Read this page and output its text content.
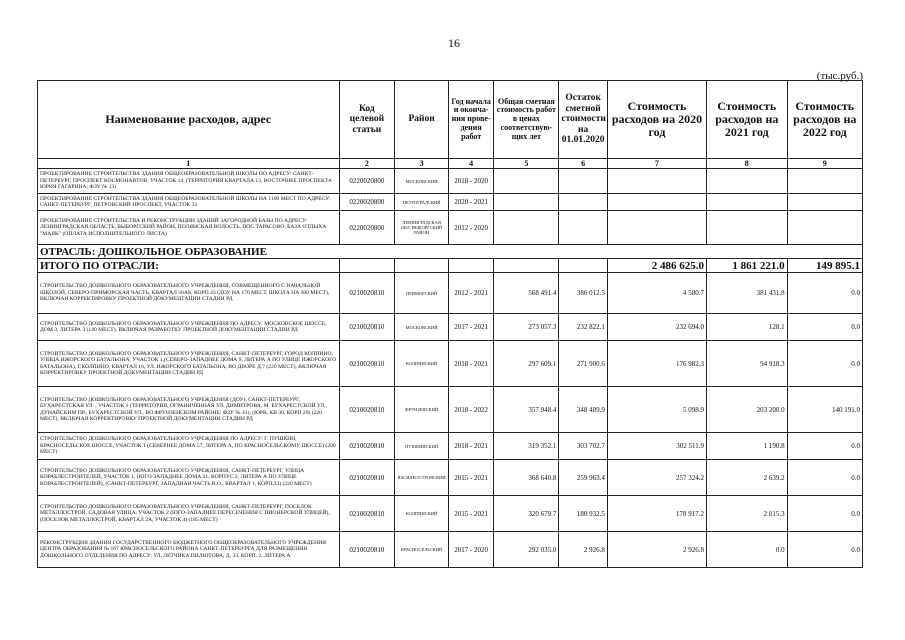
16
(тыс.руб.)
Наименование расходов, адрес	Код целевой статьи	Район	Год начала и оконча-ния прове-дения работ	Общая сметная стоимость работ в ценах соответствую-щих лет	Остаток сметной стоимости на 01.01.2020	Стоимость расходов на 2020 год	Стоимость расходов на 2021 год	Стоимость расходов на 2022 год
1	2	3	4	5	6	7	8	9
ПРОЕКТИРОВАНИЕ СТРОИТЕЛЬСТВА ЗДАНИЯ ОБЩЕОБРАЗОВАТЕЛЬНОЙ ШКОЛЫ ПО АДРЕСУ: САНКТ-ПЕТЕРБУРГ, ПРОСПЕКТ КОСМОНАВТОВ, УЧАСТОК 14, (ТЕРРИТОРИЯ КВАРТАЛА 13, ВОСТОЧНЕЕ ПРОСПЕКТА ЮРИЯ ГАГАРИНА; ФЗУ № 13)	0220020800	МОСКОВСКИЙ	2018 - 2020					
ПРОЕКТИРОВАНИЕ СТРОИТЕЛЬСТВА ЗДАНИЯ ОБЩЕОБРАЗОВАТЕЛЬНОЙ ШКОЛЫ НА 1100 МЕСТ ПО АДРЕСУ: САНКТ-ПЕТЕРБУРГ, ПЕТРОВСКИЙ ПРОСПЕКТ, УЧАСТОК 33	0220020800	ПЕТРОГРАДСКИЙ	2020 - 2021					
ПРОЕКТИРОВАНИЕ СТРОИТЕЛЬСТВА И РЕКОНСТРУКЦИИ ЗДАНИЙ ЗАГОРОДНОЙ БАЗЫ ПО АДРЕСУ: ЛЕНИНГРАДСКАЯ ОБЛАСТЬ, ВЫБОРГСКИЙ РАЙОН, ПОЛЯНСКАЯ ВОЛОСТЬ, ПОС.ТАРАСОВО, БАЗА ОТДЫХА "МАЯК" (ОПЛАТА ИСПОЛНИТЕЛЬНОГО ЛИСТА)	0220020800	ЛЕНИНГРАДСКАЯ ОБЛ. ВЫБОРГСКИЙ РАЙОН	2012 - 2020					
ОТРАСЛЬ: ДОШКОЛЬНОЕ ОБРАЗОВАНИЕ								
ИТОГО ПО ОТРАСЛИ:						2 486 625.0	1 861 221.0	149 895.1
СТРОИТЕЛЬСТВО ДОШКОЛЬНОГО ОБРАЗОВАТЕЛЬНОГО УЧРЕЖДЕНИЯ, СОВМЕЩЕННОГО С НАЧАЛЬНОЙ ШКОЛОЙ, СЕВЕРО-ПРИМОРСКАЯ ЧАСТЬ, КВАРТАЛ 56АБ, КОРП.43 (ДОУ НА 170 МЕСТ, ШКОЛА НА 300 МЕСТ), ВКЛЮЧАЯ КОРРЕКТИРОВКУ ПРОЕКТНОЙ ДОКУМЕНТАЦИИ СТАДИИ РД	0210020810	ПРИМОРСКИЙ	2012 - 2021	568 491.4	386 012.5	4 580.7	381 431.8	0.0
СТРОИТЕЛЬСТВО ДОШКОЛЬНОГО ОБРАЗОВАТЕЛЬНОГО УЧРЕЖДЕНИЯ ПО АДРЕСУ: МОСКОВСКОЕ ШОССЕ, ДОМ 3, ЛИТЕРА З (140 МЕСТ), ВКЛЮЧАЯ РАЗРАБОТКУ ПРОЕКТНОЙ ДОКУМЕНТАЦИИ СТАДИИ РД	0210020810	МОСКОВСКИЙ	2017 - 2021	273 057.3	232 822.1	232 694.0	128.1	0.0
СТРОИТЕЛЬСТВО ДОШКОЛЬНОГО ОБРАЗОВАТЕЛЬНОГО УЧРЕЖДЕНИЯ, САНКТ-ПЕТЕРБУРГ, ГОРОД КОЛПИНО, УЛИЦА ИЖОРСКОГО БАТАЛЬОНА, УЧАСТОК 1,(СЕВЕРО-ЗАПАДНЕЕ ДОМА 9, ЛИТЕРА А ПО УЛИЦЕ ИЖОРСКОГО БАТАЛЬОНА), Г.КОЛПИНО, КВАРТАЛ 16, УЛ. ИЖОРСКОГО БАТАЛЬОНА, ВО ДВОРЕ Д.7 (220 МЕСТ), ВКЛЮЧАЯ КОРРЕКТИРОВКУ ПРОЕКТНОЙ ДОКУМЕНТАЦИИ СТАДИИ РД	0210020810	КОЛПИНСКИЙ	2018 - 2021	297 609.1	271 900.6	176 982.3	94 918.3	0.0
СТРОИТЕЛЬСТВО ДОШКОЛЬНОГО ОБРАЗОВАТЕЛЬНОГО УЧРЕЖДЕНИЯ (ДОУ), САНКТ-ПЕТЕРБУРГ, БУХАРЕСТСКАЯ УЛ. , УЧАСТОК 1 (ТЕРРИТОРИЯ, ОГРАНИЧЕННАЯ УЛ. ДИМИТРОВА, М. БУХАРЕСТСКОЙ УЛ., ДУНАЙСКИМ ПР., БУХАРЕСТСКОЙ УЛ., ВО ФРУНЗЕНСКОМ РАЙОНЕ; ФЗУ № 41), (ЮРВ, КВ 30, КОРП 29) (220 МЕСТ), ВКЛЮЧАЯ КОРРЕКТИРОВКУ ПРОЕКТНОЙ ДОКУМЕНТАЦИИ СТАДИИ РД	0210020810	ФРУНЗЕНСКИЙ	2018 - 2022	357 948.4	348 489.9	5 098.9	203 200.0	140 191.0
СТРОИТЕЛЬСТВО ДОШКОЛЬНОГО ОБРАЗОВАТЕЛЬНОГО УЧРЕЖДЕНИЯ ПО АДРЕСУ: Г. ПУШКИН, КРАСНОСЕЛЬСКОЕ ШОССЕ, УЧАСТОК 1 (СЕВЕРНЕЕ ДОМА 57, ЛИТЕРА А, ПО КРАСНОСЕЛЬСКОМУ ШОССЕ) (200 МЕСТ)	0210020810	ПУШКИНСКИЙ	2018 - 2021	319 352.1	303 702.7	302 511.9	1 190.8	0.0
СТРОИТЕЛЬСТВО ДОШКОЛЬНОГО ОБРАЗОВАТЕЛЬНОГО УЧРЕЖДЕНИЯ, САНКТ-ПЕТЕРБУРГ, УЛИЦА КОРАБЛЕСТРОИТЕЛЕЙ, УЧАСТОК 1, (ЮГО-ЗАПАДНЕЕ ДОМА 21, КОРПУС 2, ЛИТЕРА А ПО УЛИЦЕ КОРАБЛЕСТРОИТЕЛЕЙ), (САНКТ-ПЕТЕРБУРГ, ЗАПАДНАЯ ЧАСТЬ В.О., КВАРТАЛ 1, КОРП.33) (220 МЕСТ)	0210020810	ВАСИЛЕОСТРОВСКИЙ	2015 - 2021	368 640.8	259 963.4	257 324.2	2 639.2	0.0
СТРОИТЕЛЬСТВО ДОШКОЛЬНОГО ОБРАЗОВАТЕЛЬНОГО УЧРЕЖДЕНИЯ, САНКТ-ПЕТЕРБУРГ, ПОСЕЛОК МЕТАЛЛОСТРОЙ, САДОВАЯ УЛИЦА, УЧАСТОК 2 (ЮГО-ЗАПАДНЕЕ ПЕРЕСЕЧЕНИЯ С ПИОНЕРСКОЙ УЛИЦЕЙ), (ПОСЕЛОК МЕТАЛЛОСТРОЙ, КВАРТАЛ 2А, УЧАСТОК 4) (185 МЕСТ)	0210020810	КОЛПИНСКИЙ	2015 - 2021	320 679.7	180 932.5	178 917.2	2 015.3	0.0
РЕКОНСТРУКЦИЯ ЗДАНИЯ ГОСУДАРСТВЕННОГО БЮДЖЕТНОГО ОБЩЕОБРАЗОВАТЕЛЬНОГО УЧРЕЖДЕНИЯ ЦЕНТРА ОБРАЗОВАНИЯ № 167 КРАСНОСЕЛЬСКОГО РАЙОНА САНКТ-ПЕТЕРБУРГА ДЛЯ РАЗМЕЩЕНИЯ ДОШКОЛЬНОГО ОТДЕЛЕНИЯ ПО АДРЕСУ: УЛ. ЛЕТЧИКА ПИЛЮТОВА, Д. 33, КОРП. 2, ЛИТЕРА А	0210020810	КРАСНОСЕЛЬСКИЙ	2017 - 2020	292 035.0	2 926.8	2 926.8	0.0	0.0
